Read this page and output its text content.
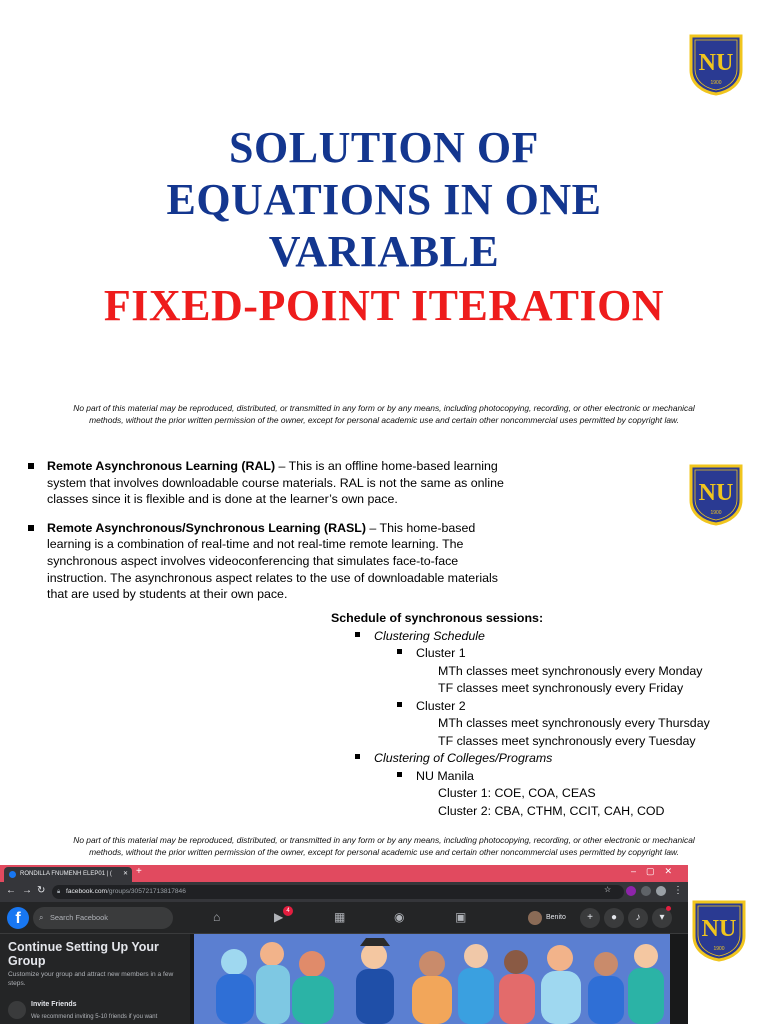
NU
1900
SOLUTION OF
EQUATIONS IN ONE
VARIABLE
FIXED-POINT ITERATION
No part of this material may be reproduced, distributed, or transmitted in any form or by any means, including photocopying, recording, or other electronic or mechanical
methods, without the prior written permission of the owner, except for personal academic use and certain other noncommercial uses permitted by copyright law.
NU
1900
Remote Asynchronous Learning (RAL) – This is an offline home-based learning system that involves downloadable course materials. RAL is not the same as online classes since it is flexible and is done at the learner’s own pace.
Remote Asynchronous/Synchronous Learning (RASL) – This home-based learning is a combination of real-time and not real-time remote learning. The synchronous aspect involves videoconferencing that simulates face-to-face instruction. The asynchronous aspect relates to the use of downloadable materials that are used by students at their own pace.
Schedule of synchronous sessions:
Clustering Schedule
Cluster 1
MTh classes meet synchronously every Monday
TF classes meet synchronously every Friday
Cluster 2
MTh classes meet synchronously every Thursday
TF classes meet synchronously every Tuesday
Clustering of Colleges/Programs
NU Manila
Cluster 1: COE, COA, CEAS
Cluster 2: CBA, CTHM, CCIT, CAH, COD
No part of this material may be reproduced, distributed, or transmitted in any form or by any means, including photocopying, recording, or other electronic or mechanical
methods, without the prior written permission of the owner, except for personal academic use and certain other noncommercial uses permitted by copyright law.
RONDILLA FNUMENH ELEP01 | ( ✕ +	–▢✕
← → ↻ 🔒︎ facebook.com/groups/305721713817846	☆	⋮
f	⌕ Search Facebook	⌂	▶ 4	▦	◉	▣	Benito	+	●	♪	▾
Continue Setting Up Your Group
Customize your group and attract new members in a few steps.
Invite Friends
We recommend inviting 5-10 friends if you want
NU
1900
